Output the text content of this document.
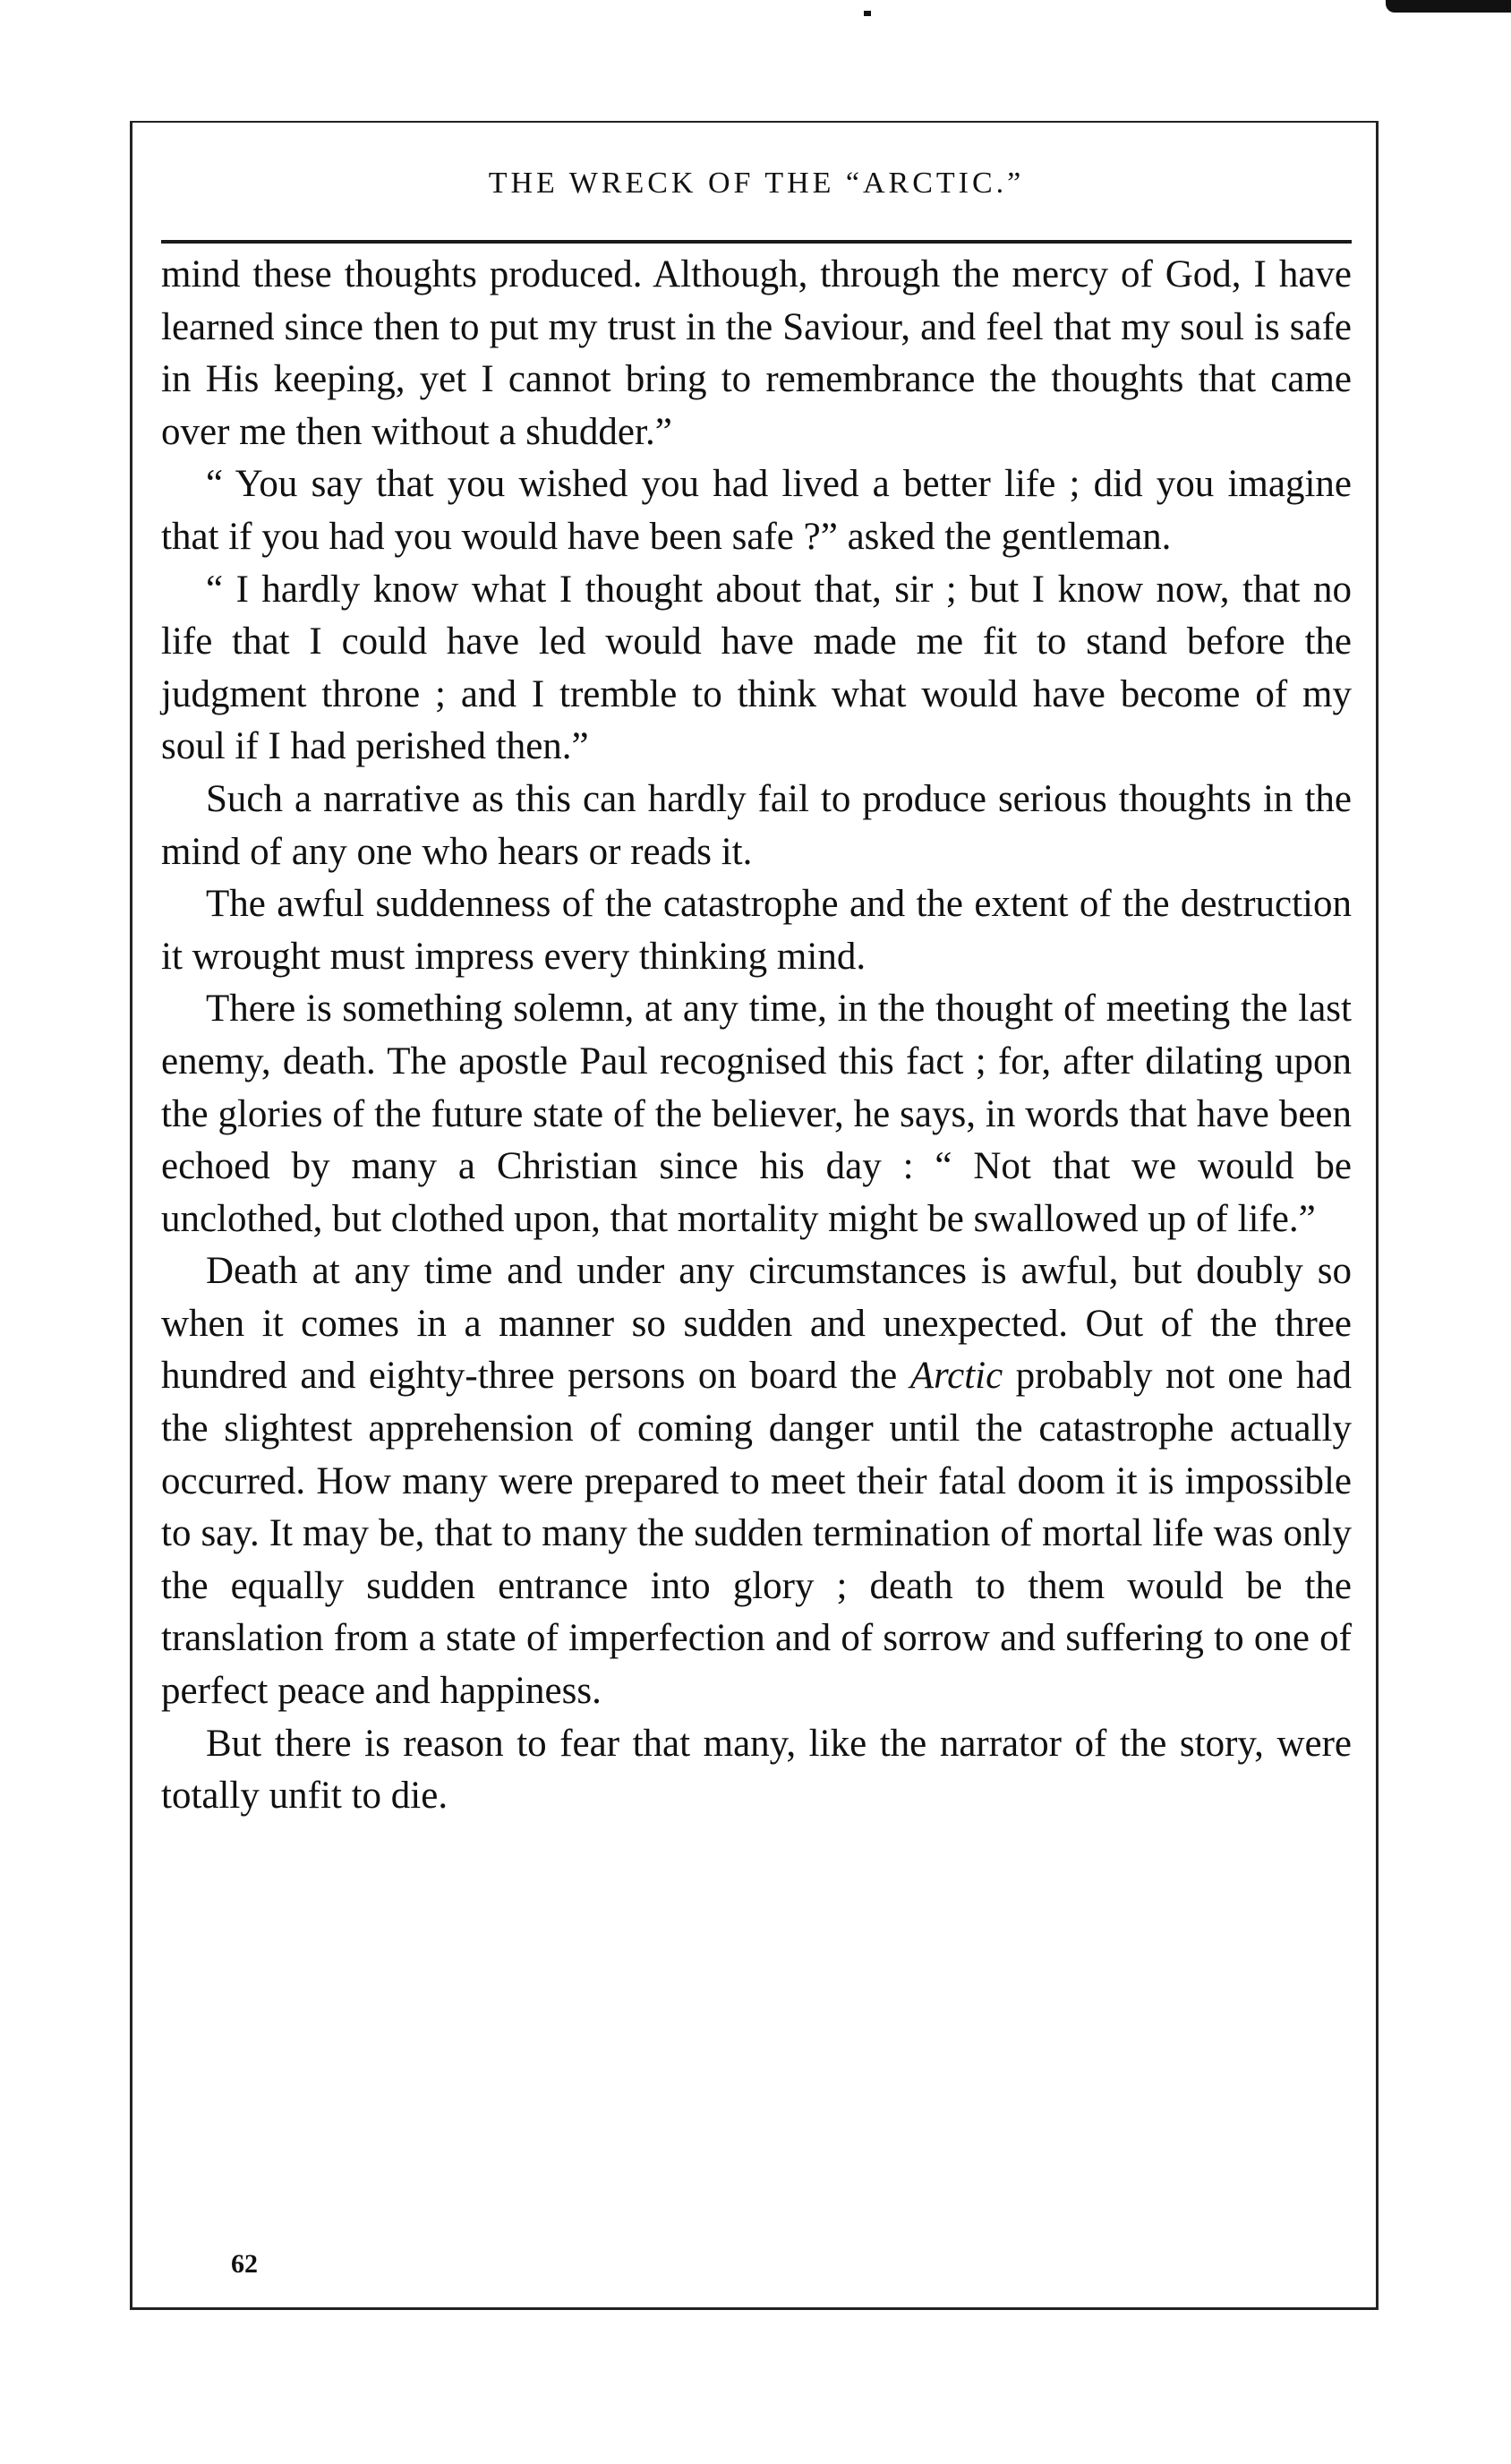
THE WRECK OF THE “ARCTIC.”

mind these thoughts produced. Although, through the mercy of God, I have learned since then to put my trust in the Saviour, and feel that my soul is safe in His keeping, yet I cannot bring to remembrance the thoughts that came over me then without a shudder.”

“ You say that you wished you had lived a better life ; did you imagine that if you had you would have been safe ?” asked the gentleman.

“ I hardly know what I thought about that, sir ; but I know now, that no life that I could have led would have made me fit to stand before the judgment throne ; and I tremble to think what would have become of my soul if I had perished then.”

Such a narrative as this can hardly fail to produce serious thoughts in the mind of any one who hears or reads it.

The awful suddenness of the catastrophe and the extent of the destruction it wrought must impress every thinking mind.

There is something solemn, at any time, in the thought of meeting the last enemy, death. The apostle Paul recognised this fact ; for, after dilating upon the glories of the future state of the believer, he says, in words that have been echoed by many a Christian since his day : “ Not that we would be unclothed, but clothed upon, that mortality might be swallowed up of life.”

Death at any time and under any circumstances is awful, but doubly so when it comes in a manner so sudden and unexpected. Out of the three hundred and eighty-three persons on board the Arctic probably not one had the slightest apprehension of coming danger until the catastrophe actually occurred. How many were prepared to meet their fatal doom it is impossible to say. It may be, that to many the sudden termination of mortal life was only the equally sudden entrance into glory ; death to them would be the translation from a state of imperfection and of sorrow and suffering to one of perfect peace and happiness.

But there is reason to fear that many, like the narrator of the story, were totally unfit to die.

62
